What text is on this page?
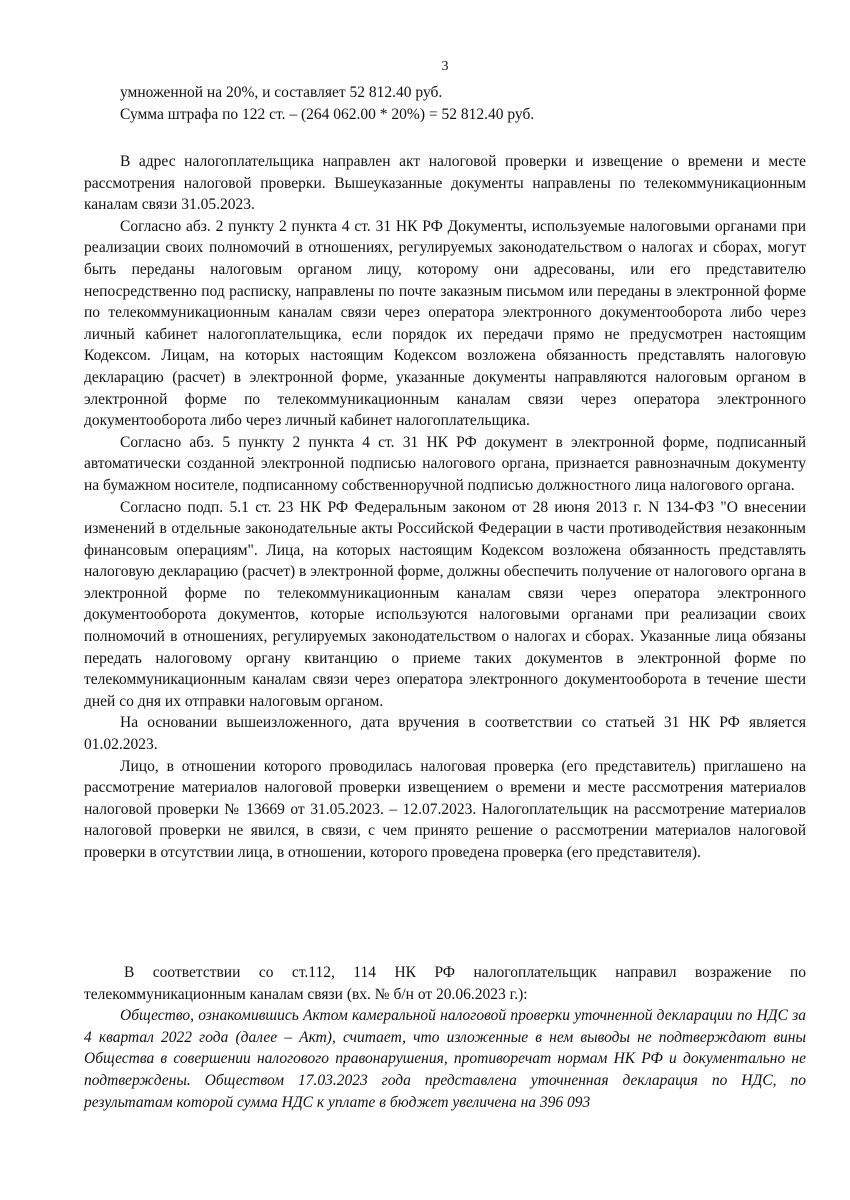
3

умноженной на 20%, и составляет 52 812.40 руб.

Сумма штрафа по 122 ст. – (264 062.00 * 20%) = 52 812.40 руб.

В адрес налогоплательщика направлен акт налоговой проверки и извещение о времени и месте рассмотрения налоговой проверки. Вышеуказанные документы направлены по телекоммуникационным каналам связи 31.05.2023.

Согласно абз. 2 пункту 2 пункта 4 ст. 31 НК РФ Документы, используемые налоговыми органами при реализации своих полномочий в отношениях, регулируемых законодательством о налогах и сборах, могут быть переданы налоговым органом лицу, которому они адресованы, или его представителю непосредственно под расписку, направлены по почте заказным письмом или переданы в электронной форме по телекоммуникационным каналам связи через оператора электронного документооборота либо через личный кабинет налогоплательщика, если порядок их передачи прямо не предусмотрен настоящим Кодексом. Лицам, на которых настоящим Кодексом возложена обязанность представлять налоговую декларацию (расчет) в электронной форме, указанные документы направляются налоговым органом в электронной форме по телекоммуникационным каналам связи через оператора электронного документооборота либо через личный кабинет налогоплательщика.

Согласно абз. 5 пункту 2 пункта 4 ст. 31 НК РФ документ в электронной форме, подписанный автоматически созданной электронной подписью налогового органа, признается равнозначным документу на бумажном носителе, подписанному собственноручной подписью должностного лица налогового органа.

Согласно подп. 5.1 ст. 23 НК РФ Федеральным законом от 28 июня 2013 г. N 134-ФЗ "О внесении изменений в отдельные законодательные акты Российской Федерации в части противодействия незаконным финансовым операциям". Лица, на которых настоящим Кодексом возложена обязанность представлять налоговую декларацию (расчет) в электронной форме, должны обеспечить получение от налогового органа в электронной форме по телекоммуникационным каналам связи через оператора электронного документооборота документов, которые используются налоговыми органами при реализации своих полномочий в отношениях, регулируемых законодательством о налогах и сборах. Указанные лица обязаны передать налоговому органу квитанцию о приеме таких документов в электронной форме по телекоммуникационным каналам связи через оператора электронного документооборота в течение шести дней со дня их отправки налоговым органом.

На основании вышеизложенного, дата вручения в соответствии со статьей 31 НК РФ является 01.02.2023.

Лицо, в отношении которого проводилась налоговая проверка (его представитель) приглашено на рассмотрение материалов налоговой проверки извещением о времени и месте рассмотрения материалов налоговой проверки № 13669 от 31.05.2023. – 12.07.2023. Налогоплательщик на рассмотрение материалов налоговой проверки не явился, в связи, с чем принято решение о рассмотрении материалов налоговой проверки в отсутствии лица, в отношении, которого проведена проверка (его представителя).

В соответствии со ст.112, 114 НК РФ налогоплательщик направил возражение по телекоммуникационным каналам связи (вх. № б/н от 20.06.2023 г.):

Общество, ознакомившись Актом камеральной налоговой проверки уточненной декларации по НДС за 4 квартал 2022 года (далее – Акт), считает, что изложенные в нем выводы не подтверждают вины Общества в совершении налогового правонарушения, противоречат нормам НК РФ и документально не подтверждены. Обществом 17.03.2023 года представлена уточненная декларация по НДС, по результатам которой сумма НДС к уплате в бюджет увеличена на 396 093
